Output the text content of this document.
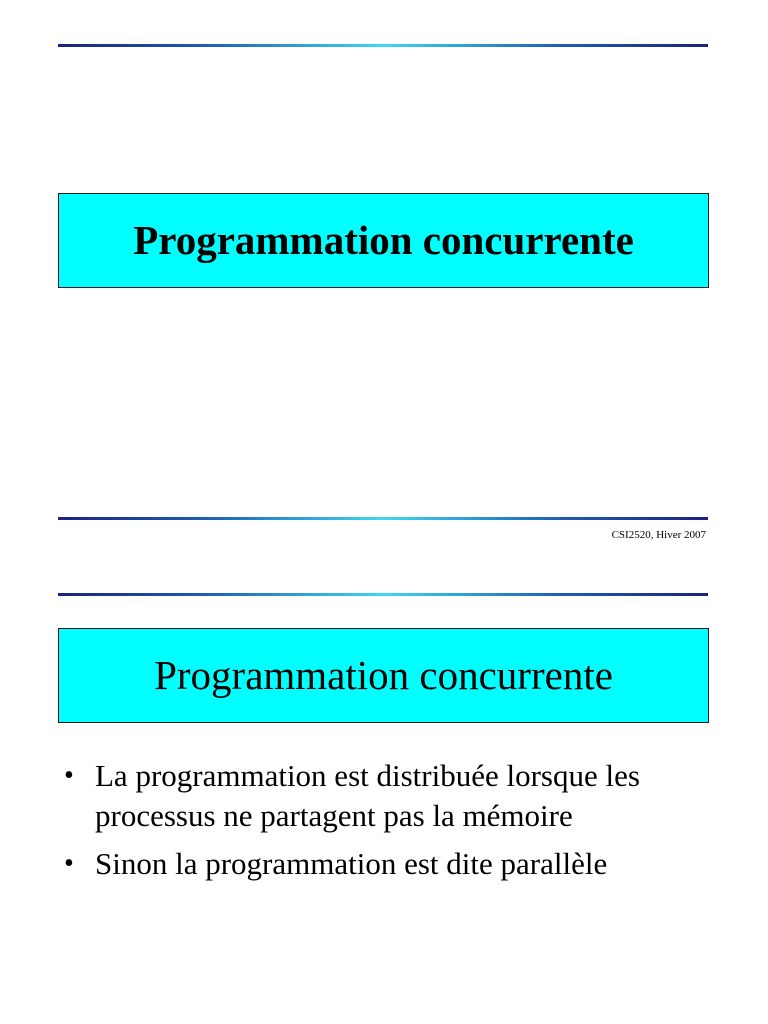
Programmation concurrente
CSI2520, Hiver 2007
Programmation concurrente
• La programmation est distribuée lorsque les
processus ne partagent pas la mémoire
• Sinon la programmation est dite parallèle
